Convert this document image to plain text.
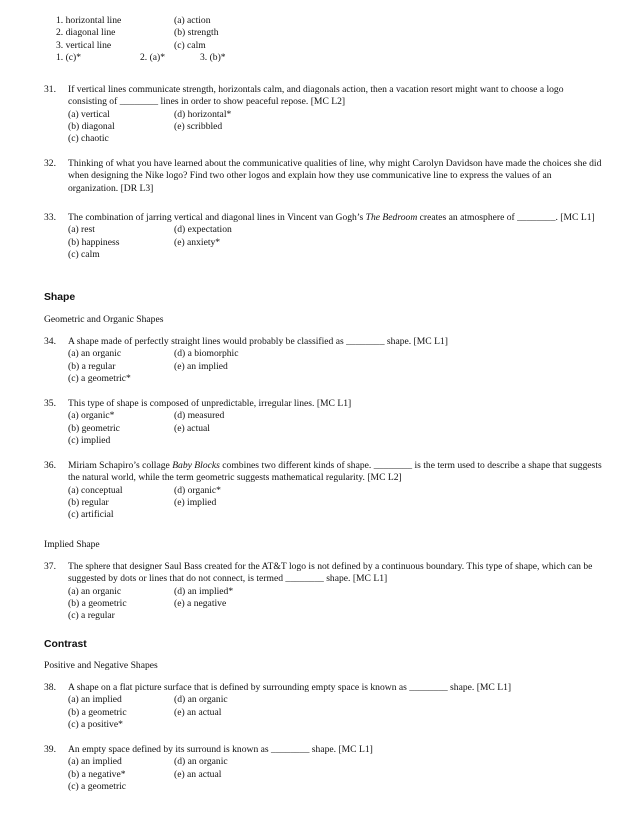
1. horizontal line	(a) action
2. diagonal line	(b) strength
3. vertical line	(c) calm
1. (c)*	2. (a)*	3. (b)*
31.	If vertical lines communicate strength, horizontals calm, and diagonals action, then a vacation resort might want to choose a logo consisting of ________ lines in order to show peaceful repose. [MC L2]
(a) vertical	(d) horizontal*
(b) diagonal	(e) scribbled
(c) chaotic
32.	Thinking of what you have learned about the communicative qualities of line, why might Carolyn Davidson have made the choices she did when designing the Nike logo? Find two other logos and explain how they use communicative line to express the values of an organization. [DR L3]
33.	The combination of jarring vertical and diagonal lines in Vincent van Gogh’s The Bedroom creates an atmosphere of ________. [MC L1]
(a) rest	(d) expectation
(b) happiness	(e) anxiety*
(c) calm
Shape
Geometric and Organic Shapes
34.	A shape made of perfectly straight lines would probably be classified as ________ shape. [MC L1]
(a) an organic	(d) a biomorphic
(b) a regular	(e) an implied
(c) a geometric*
35.	This type of shape is composed of unpredictable, irregular lines. [MC L1]
(a) organic*	(d) measured
(b) geometric	(e) actual
(c) implied
36.	Miriam Schapiro’s collage Baby Blocks combines two different kinds of shape. ________ is the term used to describe a shape that suggests the natural world, while the term geometric suggests mathematical regularity. [MC L2]
(a) conceptual	(d) organic*
(b) regular	(e) implied
(c) artificial
Implied Shape
37.	The sphere that designer Saul Bass created for the AT&T logo is not defined by a continuous boundary. This type of shape, which can be suggested by dots or lines that do not connect, is termed ________ shape. [MC L1]
(a) an organic	(d) an implied*
(b) a geometric	(e) a negative
(c) a regular
Contrast
Positive and Negative Shapes
38.	A shape on a flat picture surface that is defined by surrounding empty space is known as ________ shape. [MC L1]
(a) an implied	(d) an organic
(b) a geometric	(e) an actual
(c) a positive*
39.	An empty space defined by its surround is known as ________ shape. [MC L1]
(a) an implied	(d) an organic
(b) a negative*	(e) an actual
(c) a geometric
